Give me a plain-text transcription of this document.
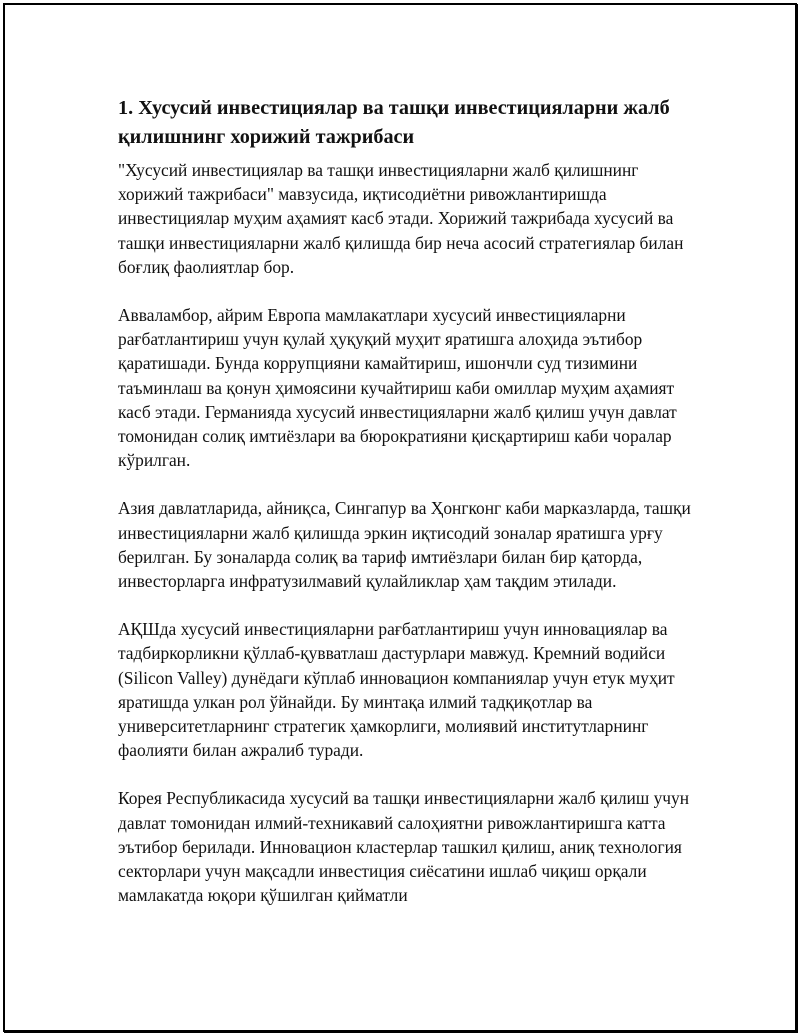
1. Хусусий инвестициялар ва ташқи инвестицияларни жалб қилишнинг хорижий тажрибаси

"Хусусий инвестициялар ва ташқи инвестицияларни жалб қилишнинг хорижий тажрибаси" мавзусида, иқтисодиётни ривожлантиришда инвестициялар муҳим аҳамият касб этади. Хорижий тажрибада хусусий ва ташқи инвестицияларни жалб қилишда бир неча асосий стратегиялар билан боғлиқ фаолиятлар бор.

Авваламбор, айрим Европа мамлакатлари хусусий инвестицияларни рағбатлантириш учун қулай ҳуқуқий муҳит яратишга алоҳида эътибор қаратишади. Бунда коррупцияни камайтириш, ишончли суд тизимини таъминлаш ва қонун ҳимоясини кучайтириш каби омиллар муҳим аҳамият касб этади. Германияда хусусий инвестицияларни жалб қилиш учун давлат томонидан солиқ имтиёзлари ва бюрократияни қисқартириш каби чоралар кўрилган.

Азия давлатларида, айниқса, Сингапур ва Ҳонгконг каби марказларда, ташқи инвестицияларни жалб қилишда эркин иқтисодий зоналар яратишга урғу берилган. Бу зоналарда солиқ ва тариф имтиёзлари билан бир қаторда, инвесторларга инфратузилмавий қулайликлар ҳам тақдим этилади.

АҚШда хусусий инвестицияларни рағбатлантириш учун инновациялар ва тадбиркорликни қўллаб-қувватлаш дастурлари мавжуд. Кремний водийси (Silicon Valley) дунёдаги кўплаб инновацион компаниялар учун етук муҳит яратишда улкан рол ўйнайди. Бу минтақа илмий тадқиқотлар ва университетларнинг стратегик ҳамкорлиги, молиявий институтларнинг фаолияти билан ажралиб туради.

Корея Республикасида хусусий ва ташқи инвестицияларни жалб қилиш учун давлат томонидан илмий-техникавий салоҳиятни ривожлантиришга катта эътибор берилади. Инновацион кластерлар ташкил қилиш, аниқ технология секторлари учун мақсадли инвестиция сиёсатини ишлаб чиқиш орқали мамлакатда юқори қўшилган қийматли
